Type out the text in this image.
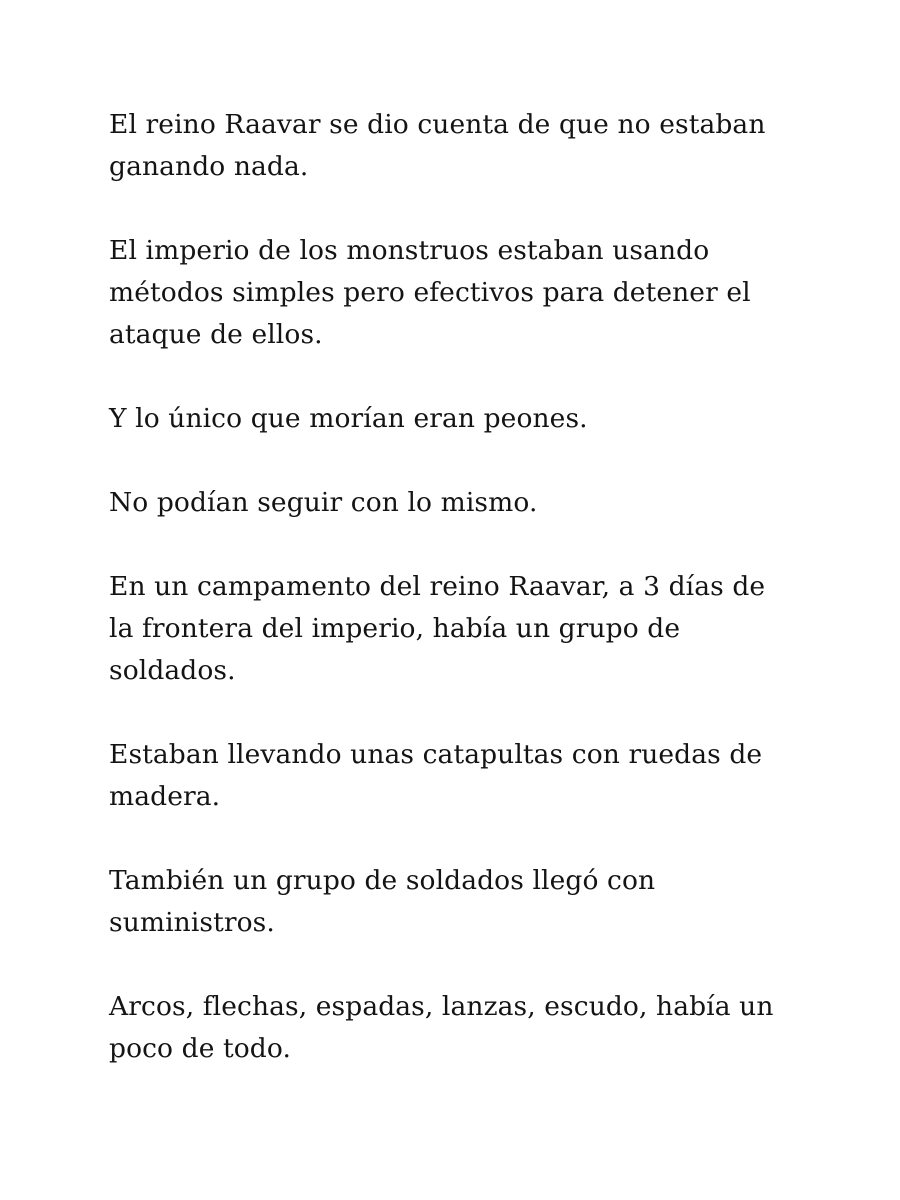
El reino Raavar se dio cuenta de que no estaban
ganando nada.

El imperio de los monstruos estaban usando
métodos simples pero efectivos para detener el
ataque de ellos.

Y lo único que morían eran peones.

No podían seguir con lo mismo.

En un campamento del reino Raavar, a 3 días de
la frontera del imperio, había un grupo de
soldados.

Estaban llevando unas catapultas con ruedas de
madera.

También un grupo de soldados llegó con
suministros.

Arcos, flechas, espadas, lanzas, escudo, había un
poco de todo.
